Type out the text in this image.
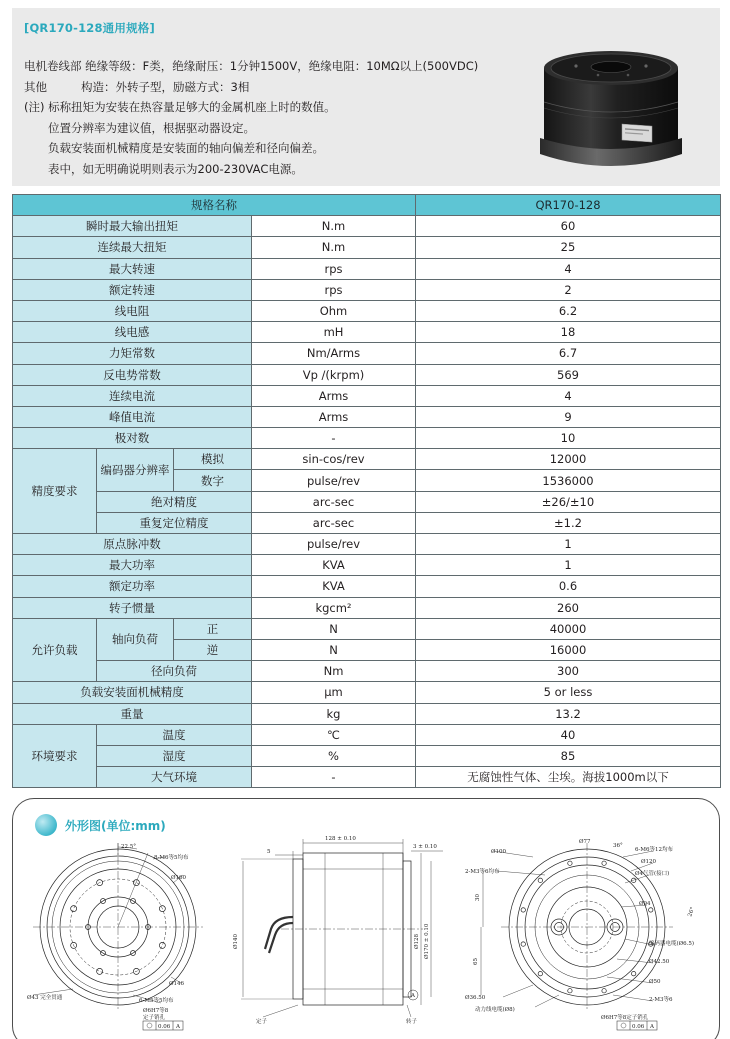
[QR170-128通用规格]
电机卷线部 绝缘等级：F类，绝缘耐压：1分钟1500V，绝缘电阻：10MΩ以上(500VDC)
其他	构造：外转子型，励磁方式：3相
(注) 标称扭矩为安装在热容量足够大的金属机座上时的数值。
位置分辨率为建议值，根据驱动器设定。
负载安装面机械精度是安装面的轴向偏差和径向偏差。
表中，如无明确说明则表示为200-230VAC电源。
规格名称				QR170-128
瞬时最大输出扭矩			N.m	60
连续最大扭矩			N.m	25
最大转速			rps	4
额定转速			rps	2
线电阻			Ohm	6.2
线电感			mH	18
力矩常数			Nm/Arms	6.7
反电势常数			Vp /(krpm)	569
连续电流			Arms	4
峰值电流			Arms	9
极对数			-	10
精度要求	编码器分辨率	模拟	sin-cos/rev	12000
		数字	pulse/rev	1536000
	绝对精度		arc-sec	±26/±10
	重复定位精度		arc-sec	±1.2
原点脉冲数			pulse/rev	1
最大功率			KVA	1
额定功率			KVA	0.6
转子惯量			kgcm²	260
允许负载	轴向负荷	正	N	40000
		逆	N	16000
	径向负荷		Nm	300
负载安装面机械精度			μm	5 or less
重量			kg	13.2
环境要求	温度		℃	40
	湿度		%	85
	大气环境		-	无腐蚀性气体、尘埃。海拔1000m以下
22.5°
8-M6等5均布
Ø160
Ø146
Ø43 完全贯通	6-M5等5均布
Ø6H7等8
定子销孔
0.06 A
128 ± 0.10
5
3 ± 0.10
Ø140	Ø128 Ø170 ± 0.10
定子	转子
A
Ø77
Ø100
2-M3等6均布
36°
6-M6等12均布
Ø120
Ø4气管(接口)
Ø94
26°
编码器电缆(Ø6.5)
Ø42.50
Ø50
2-M3等6
Ø36.50
动力线电缆(Ø8)
Ø6H7等8定子销孔
0.06 A
30
65
外形图(单位:mm)
